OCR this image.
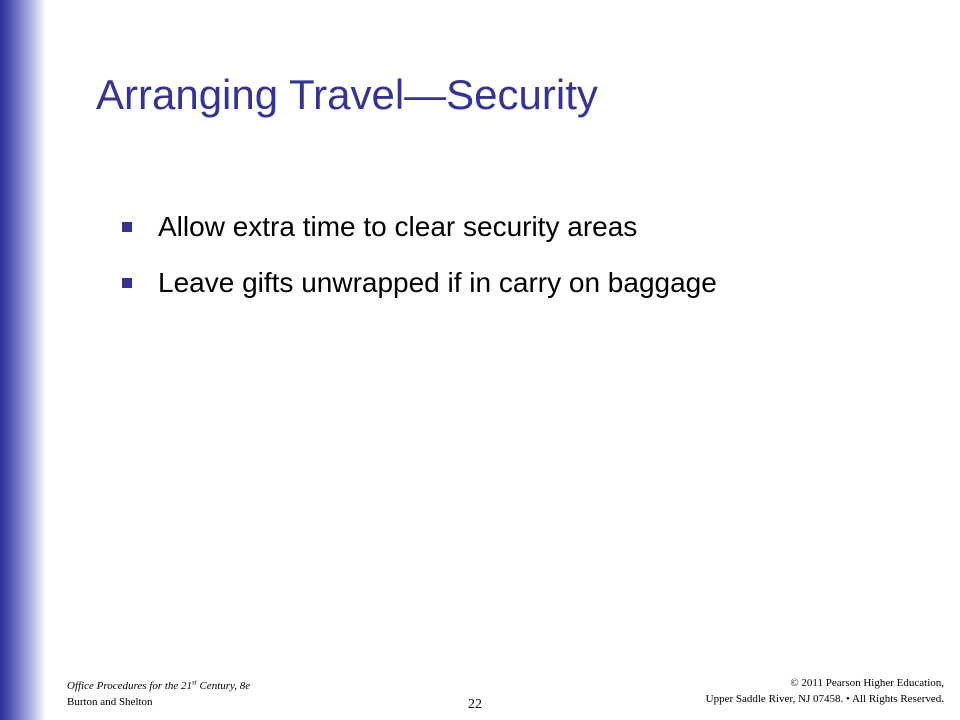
Arranging Travel—Security
Allow extra time to clear security areas
Leave gifts unwrapped if in carry on baggage
Office Procedures for the 21st Century, 8e
Burton and Shelton	22
© 2011 Pearson Higher Education,
Upper Saddle River, NJ 07458. • All Rights Reserved.
